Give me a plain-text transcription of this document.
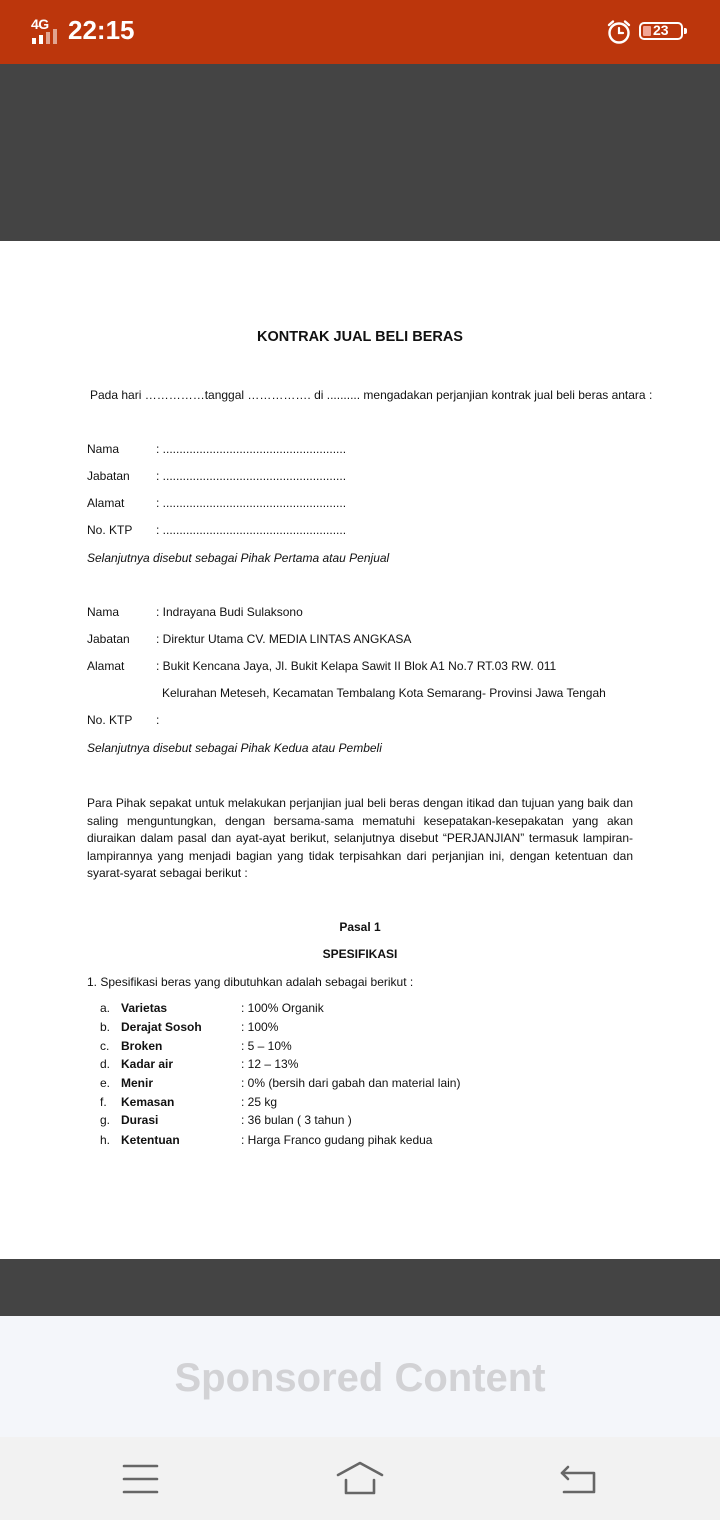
4G 22:15	23
KONTRAK JUAL BELI BERAS
Pada hari ……………tanggal ……………. di .......... mengadakan perjanjian kontrak jual beli beras antara :
Nama	: .......................................................
Jabatan : .......................................................
Alamat	: .......................................................
No. KTP : .......................................................
Selanjutnya disebut sebagai Pihak Pertama atau Penjual
Nama	: Indrayana Budi Sulaksono
Jabatan : Direktur Utama CV. MEDIA LINTAS ANGKASA
Alamat	: Bukit Kencana Jaya, Jl. Bukit Kelapa Sawit II Blok A1 No.7 RT.03 RW. 011
Kelurahan Meteseh, Kecamatan Tembalang Kota Semarang- Provinsi Jawa Tengah
No. KTP :
Selanjutnya disebut sebagai Pihak Kedua atau Pembeli
Para Pihak sepakat untuk melakukan perjanjian jual beli beras dengan itikad dan tujuan yang baik dan saling menguntungkan, dengan bersama-sama mematuhi kesepatakan-kesepakatan yang akan diuraikan dalam pasal dan ayat-ayat berikut, selanjutnya disebut “PERJANJIAN” termasuk lampiran-lampirannya yang menjadi bagian yang tidak terpisahkan dari perjanjian ini, dengan ketentuan dan syarat-syarat sebagai berikut :
Pasal 1
SPESIFIKASI
1. Spesifikasi beras yang dibutuhkan adalah sebagai berikut :
a. Varietas	: 100% Organik
b. Derajat Sosoh	: 100%
c. Broken	: 5 – 10%
d. Kadar air	: 12 – 13%
e. Menir	: 0% (bersih dari gabah dan material lain)
f. Kemasan	: 25 kg
g. Durasi	: 36 bulan ( 3 tahun )
h. Ketentuan	: Harga Franco gudang pihak kedua
Sponsored Content
